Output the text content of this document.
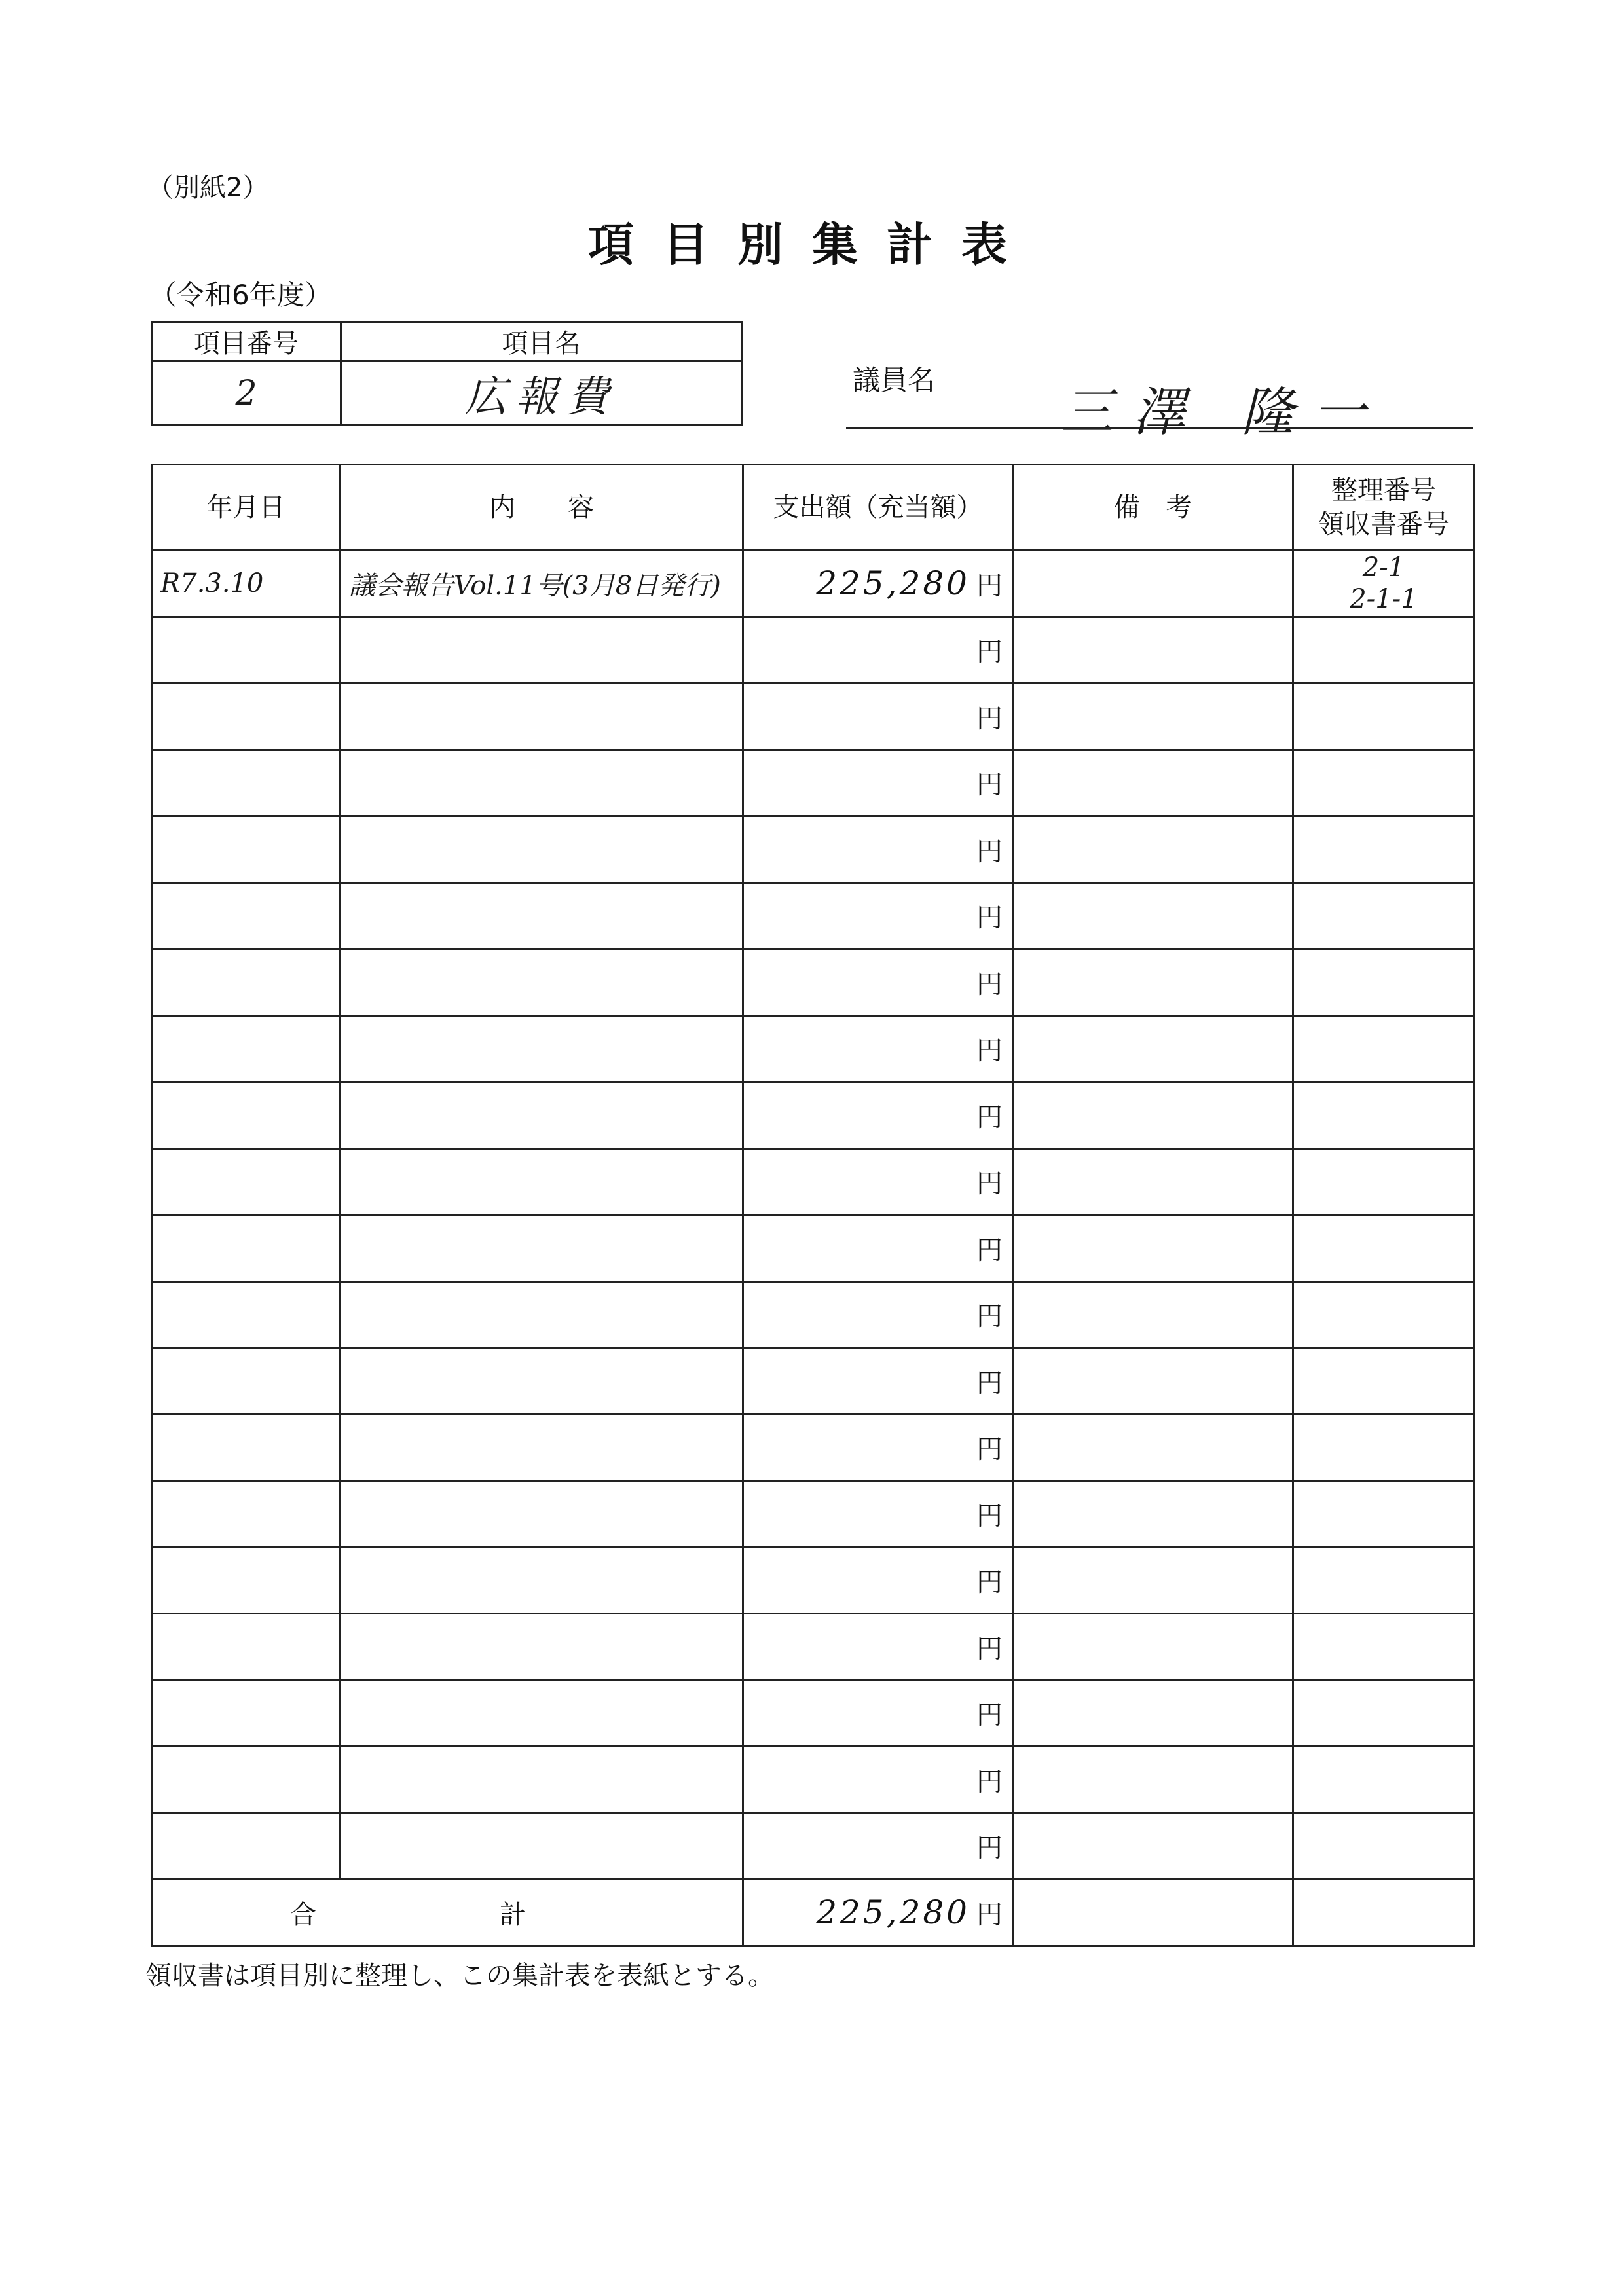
（別紙2）
項目別集計表
（令和6年度）
項目番号	項目名
2	広報費	議員名
三澤 隆一
年月日	内　　容	支出額（充当額）	備　考	整理番号
領収書番号

R7.3.10	議会報告Vol.11号(3月8日発行)	225,280 円		2-1
2-1-1

		円		
		円		
		円		
		円		
		円		
		円		
		円		
		円		
		円		
		円		
		円		
		円		
		円		
		円		
		円		
		円		
		円		
		円		
		円		
合　計		225,280 円		
領収書は項目別に整理し、この集計表を表紙とする。
